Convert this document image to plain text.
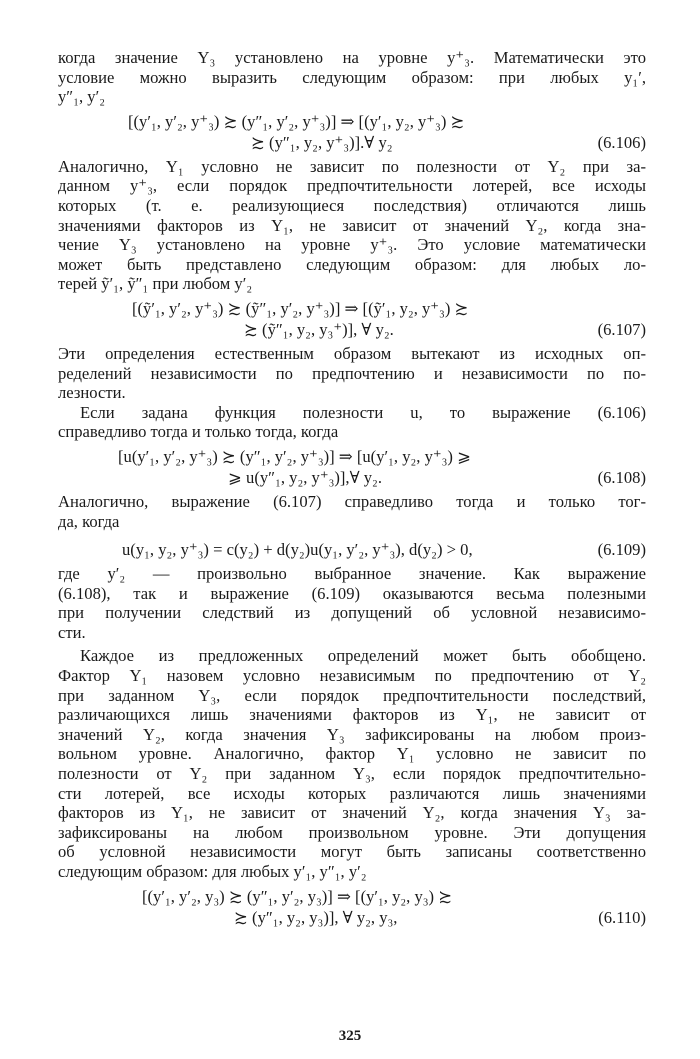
когда значение Y₃ установлено на уровне y⁺₃. Математически это
условие можно выразить следующим образом: при любых y₁′,
y″₁, y′₂
[(y′₁, y′₂, y⁺₃) ≿ (y″₁, y′₂, y⁺₃)] ⇒ [(y′₁, y₂, y⁺₃) ≿
≿ (y″₁, y₂, y⁺₃)].∀ y₂	(6.106)
Аналогично, Y₁ условно не зависит по полезности от Y₂ при за-
данном y⁺₃, если порядок предпочтительности лотерей, все исходы
которых (т. е. реализующиеся последствия) отличаются лишь
значениями факторов из Y₁, не зависит от значений Y₂, когда зна-
чение Y₃ установлено на уровне y⁺₃. Это условие математически
может быть представлено следующим образом: для любых ло-
терей ỹ′₁, ỹ″₁ при любом y′₂
[(ỹ′₁, y′₂, y⁺₃) ≿ (ỹ″₁, y′₂, y⁺₃)] ⇒ [(ỹ′₁, y₂, y⁺₃) ≿
≿ (ỹ″₁, y₂, y₃⁺)], ∀ y₂.	(6.107)
Эти определения естественным образом вытекают из исходных оп-
ределений независимости по предпочтению и независимости по по-
лезности.
Если задана функция полезности u, то выражение (6.106)
справедливо тогда и только тогда, когда
[u(y′₁, y′₂, y⁺₃) ≿ (y″₁, y′₂, y⁺₃)] ⇒ [u(y′₁, y₂, y⁺₃) ⩾
⩾ u(y″₁, y₂, y⁺₃)],∀ y₂.	(6.108)
Аналогично, выражение (6.107) справедливо тогда и только тог-
да, когда
u(y₁, y₂, y⁺₃) = c(y₂) + d(y₂)u(y₁, y′₂, y⁺₃), d(y₂) > 0,	(6.109)
где y′₂ — произвольно выбранное значение. Как выражение
(6.108), так и выражение (6.109) оказываются весьма полезными
при получении следствий из допущений об условной независимо-
сти.
Каждое из предложенных определений может быть обобщено.
Фактор Y₁ назовем условно независимым по предпочтению от Y₂
при заданном Y₃, если порядок предпочтительности последствий,
различающихся лишь значениями факторов из Y₁, не зависит от
значений Y₂, когда значения Y₃ зафиксированы на любом произ-
вольном уровне. Аналогично, фактор Y₁ условно не зависит по
полезности от Y₂ при заданном Y₃, если порядок предпочтительно-
сти лотерей, все исходы которых различаются лишь значениями
факторов из Y₁, не зависит от значений Y₂, когда значения Y₃ за-
зафиксированы на любом произвольном уровне. Эти допущения
об условной независимости могут быть записаны соответственно
следующим образом: для любых y′₁, y″₁, y′₂
[(y′₁, y′₂, y₃) ≿ (y″₁, y′₂, y₃)] ⇒ [(y′₁, y₂, y₃) ≿
≿ (y″₁, y₂, y₃)], ∀ y₂, y₃,	(6.110)
325
